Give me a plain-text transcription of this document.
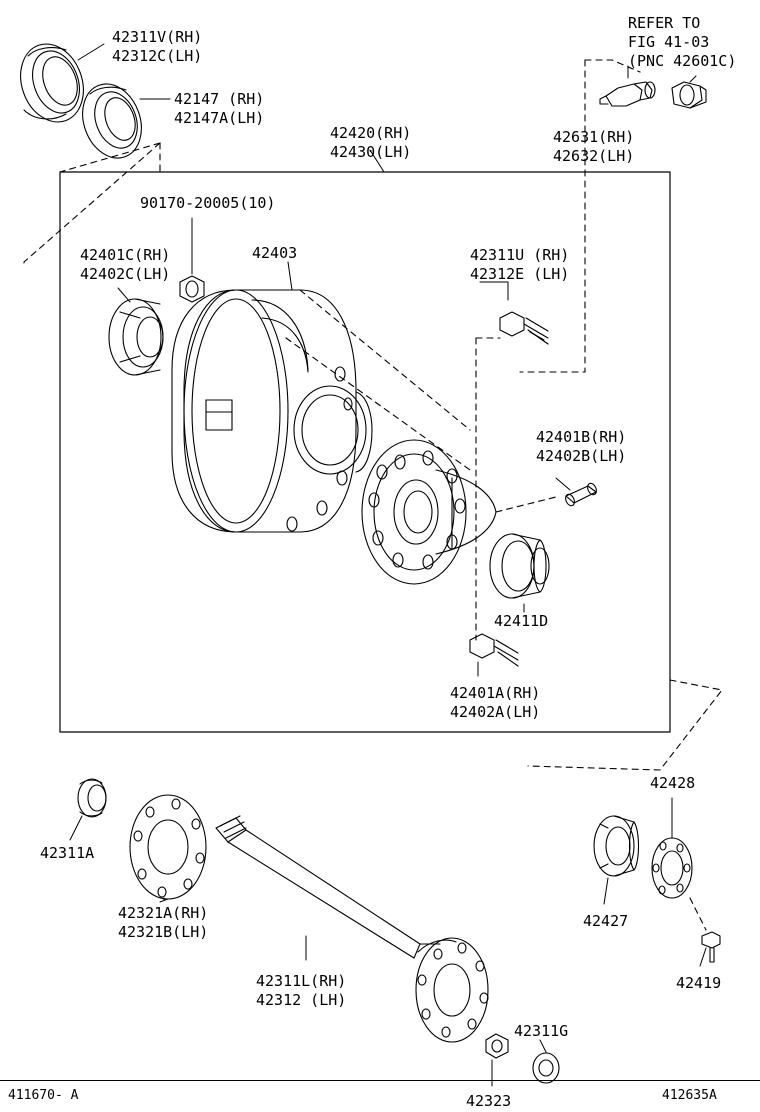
42311V(RH)
42312C(LH)
42147 (RH)
42147A(LH)
42420(RH)
42430(LH)
REFER TO
FIG 41-03
(PNC 42601C)
42631(RH)
42632(LH)
90170-20005(10)
42401C(RH)
42402C(LH)
42403	42311U (RH)
42312E (LH)
42401B(RH)
42402B(LH)
42411D
42401A(RH)
42402A(LH)
42311A
42321A(RH)
42321B(LH)
42311L(RH)
42312 (LH)
42428
42427
42419
42311G
42323
411670- A	412635A
